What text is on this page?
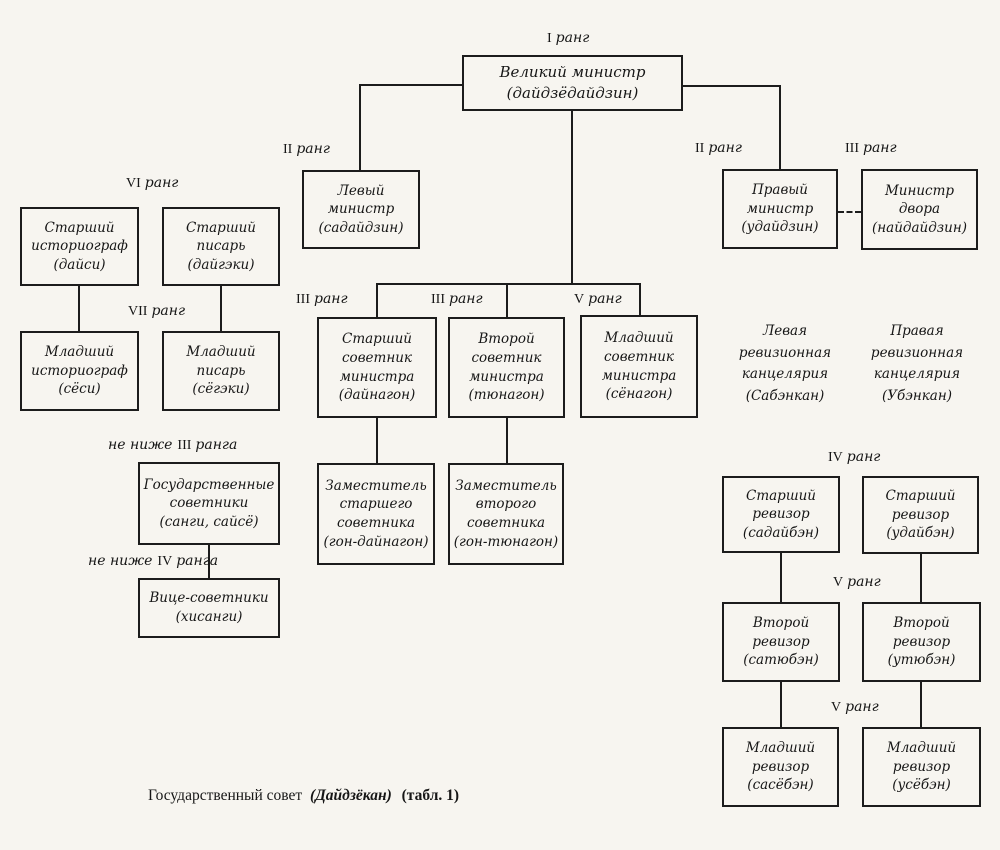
I ранг
II ранг	II ранг	III ранг
VI ранг
VII ранг
III ранг	III ранг	V ранг
не ниже III ранга
не ниже IV ранга
IV ранг
V ранг
V ранг
Великий министр
(дайдзёдайдзин)
Левый
министр
(садайдзин)
Правый
министр
(удайдзин)
Министр
двора
(найдайдзин)
Старший
историограф
(дайси)
Старший
писарь
(дайгэки)
Младший
историограф
(сёси)
Младший
писарь
(сёгэки)
Старший
советник
министра
(дайнагон)
Второй
советник
министра
(тюнагон)
Младший
советник
министра
(сёнагон)
Заместитель
старшего
советника
(гон-дайнагон)
Заместитель
второго
советника
(гон-тюнагон)
Государственные
советники
(санги, сайсё)
Вице-советники
(хисанги)
Старший
ревизор
(садайбэн)
Старший
ревизор
(удайбэн)
Второй
ревизор
(сатюбэн)
Второй
ревизор
(утюбэн)
Младший
ревизор
(сасёбэн)
Младший
ревизор
(усёбэн)
Левая
ревизионная
канцелярия
(Сабэнкан)
Правая
ревизионная
канцелярия
(Убэнкан)
Государственный совет (Дайдзёкан) (табл. 1)
